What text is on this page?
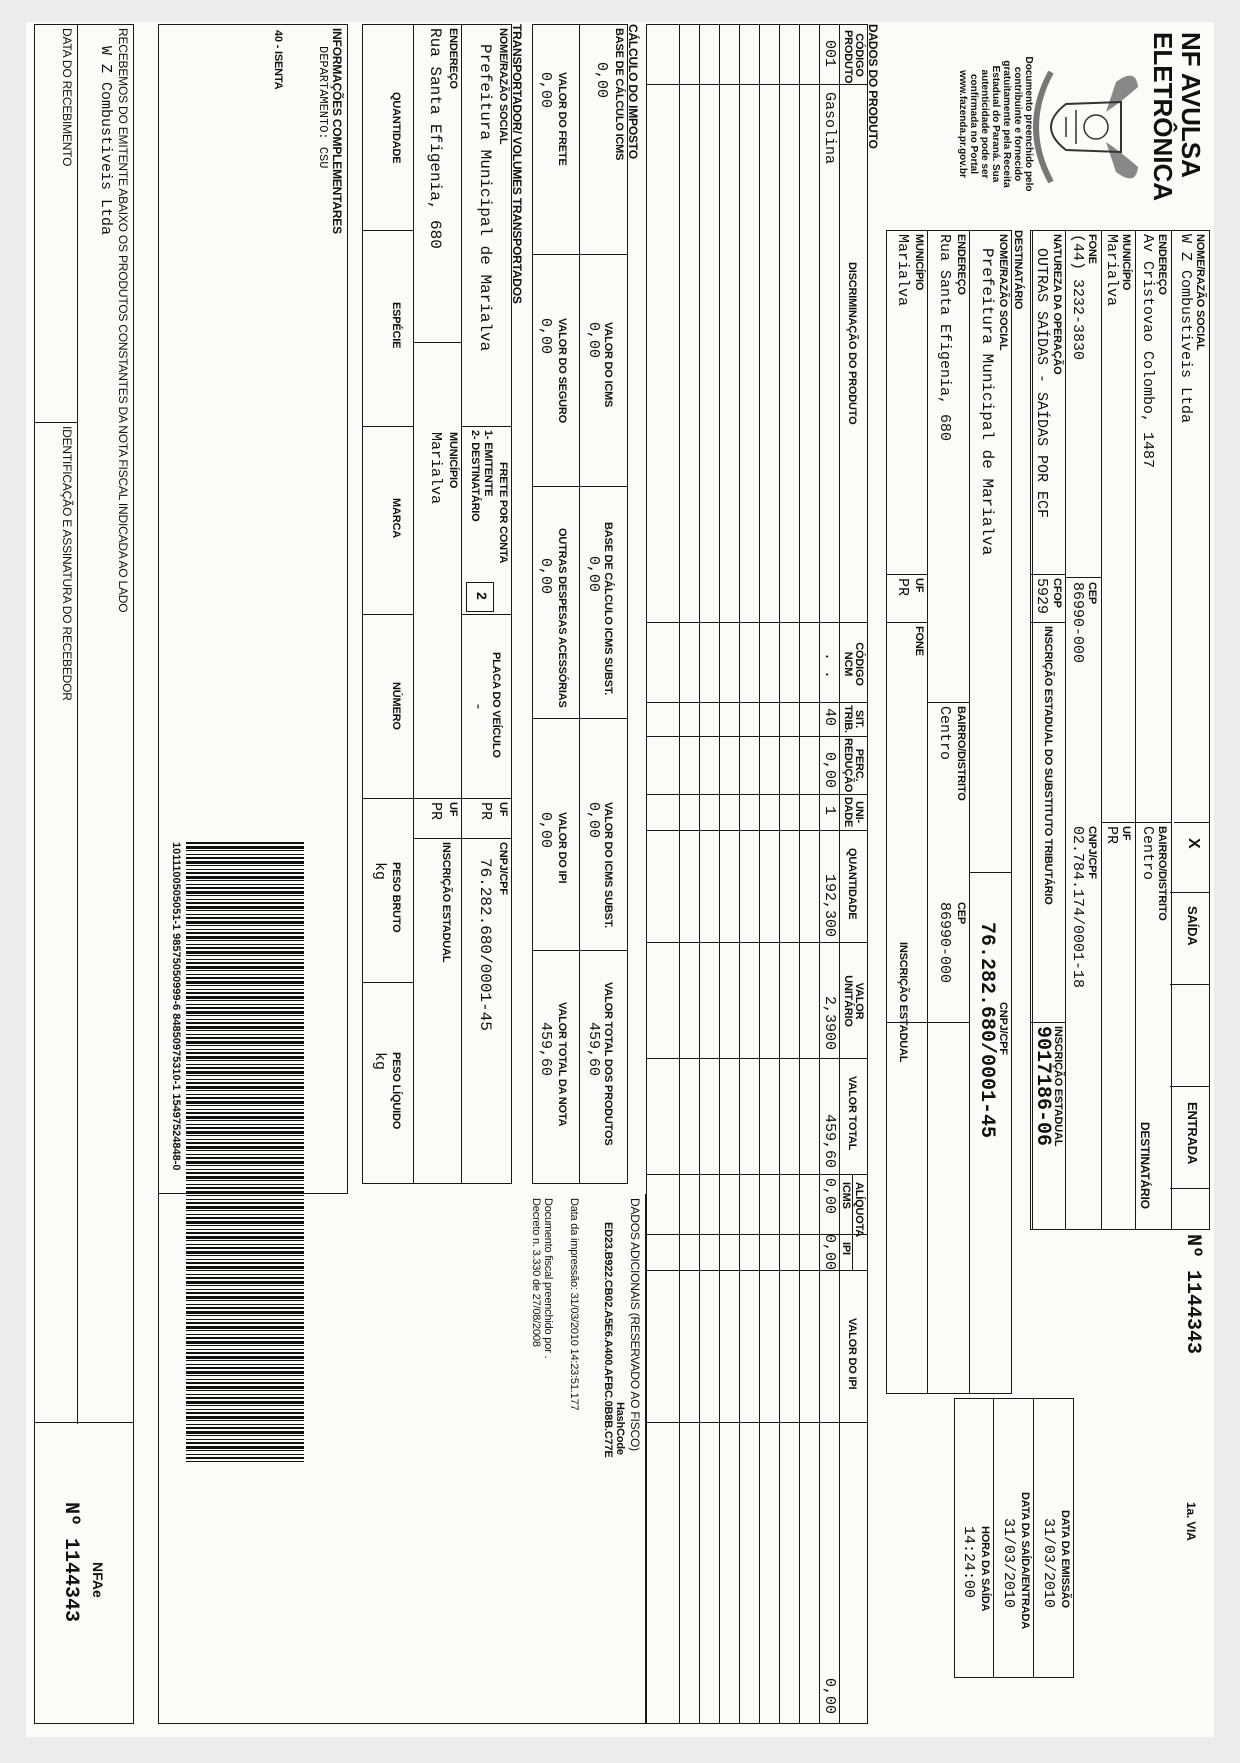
NF AVULSA
ELETRÔNICA
Documento preenchido pelo
contribuinte e fornecido
gratuitamente pela Receita
Estadual do Paraná. Sua
autenticidade pode ser
confirmada no Portal
www.fazenda.pr.gov.br
NOME/RAZÃO SOCIAL
W Z Combustiveis Ltda
X
SAÍDA
ENTRADA
ENDEREÇO
Av Cristovao Colombo, 1487
BAIRRO/DISTRITO
Centro
DESTINATÁRIO
MUNICÍPIO
Marialva
UF
PR
FONE
(44) 3232-3830
CEP
86990-000
CNPJ/CPF
02.784.174/0001-18
Nº 1144343
1a. VIA
NATUREZA DA OPERAÇÃO
OUTRAS SAÍDAS - SAÍDAS POR ECF
CFOP
5929
INSCRIÇÃO ESTADUAL DO SUBSTITUTO TRIBUTÁRIO
INSCRIÇÃO ESTADUAL
9017186-06
DATA DA EMISSÃO
31/03/2010
DATA DA SAÍDA/ENTRADA
31/03/2010
HORA DA SAÍDA
14:24:00
DESTINATÁRIO
NOME/RAZÃO SOCIAL
Prefeitura Municipal de Marialva
CNPJ/CPF
76.282.680/0001-45
ENDEREÇO
Rua Santa Efigenia, 680
BAIRRO/DISTRITO
Centro
CEP
86990-000
MUNICÍPIO
Marialva
UF
PR
FONE
INSCRIÇÃO ESTADUAL
DADOS DO PRODUTO
CÓDIGO PRODUTO
DISCRIMINAÇÃO DO PRODUTO
CÓDIGO NCM
SIT. TRIB.
PERC. REDUÇÃO
UNI- DADE
QUANTIDADE
VALOR UNITÁRIO
VALOR TOTAL
ALÍQUOTA
ICMS
IPI
VALOR DO IPI
001
Gasolina
. .
40
0,00
1
192,300
2,3900
459,60
0,00
0,00
0,00
CÁLCULO DO IMPOSTO
BASE DE CÁLCULO ICMS
0,00
VALOR DO ICMS
0,00
BASE DE CÁLCULO ICMS SUBST.
0,00
VALOR DO ICMS SUBST.
0,00
VALOR TOTAL DOS PRODUTOS
459,60
VALOR DO FRETE
0,00
VALOR DO SEGURO
0,00
OUTRAS DESPESAS ACESSÓRIAS
0,00
VALOR DO IPI
0,00
VALOR TOTAL DA NOTA
459,60
TRANSPORTADOR/ VOLUMES TRANSPORTADOS
NOME/RAZÃO SOCIAL
Prefeitura Municipal de Marialva
FRETE POR CONTA
1- EMITENTE
2- DESTINATÁRIO
2
PLACA DO VEÍCULO
-
UF
PR
CNPJ/CPF
76.282.680/0001-45
ENDEREÇO
Rua Santa Efigenia, 680
MUNICÍPIO
Marialva
UF
PR
INSCRIÇÃO ESTADUAL
QUANTIDADE
ESPÉCIE
MARCA
NÚMERO
PESO BRUTO
kg
PESO LÍQUIDO
kg
INFORMAÇÕES COMPLEMENTARES
DEPARTAMENTO: CSU
40 - ISENTA
1011100505051-1 98575050999-6 84850975310-1 15497524848-0
DADOS ADICIONAIS (RESERVADO AO FISCO)
HashCode
ED23.B922.CB02.A5E6.A400.AFBC.0B8B.C77E
Data da impressão: 31/03/2010 14:23:51.177
Documento fiscal preenchido por .
Decreto n. 3.330 de 27/08/2008
RECEBEMOS DO EMITENTE ABAIXO OS PRODUTOS CONSTANTES DA NOTA FISCAL INDICADA AO LADO
W Z Combustiveis Ltda
DATA DO RECEBIMENTO
IDENTIFICAÇÃO E ASSINATURA DO RECEBEDOR
NFAe
Nº 1144343
